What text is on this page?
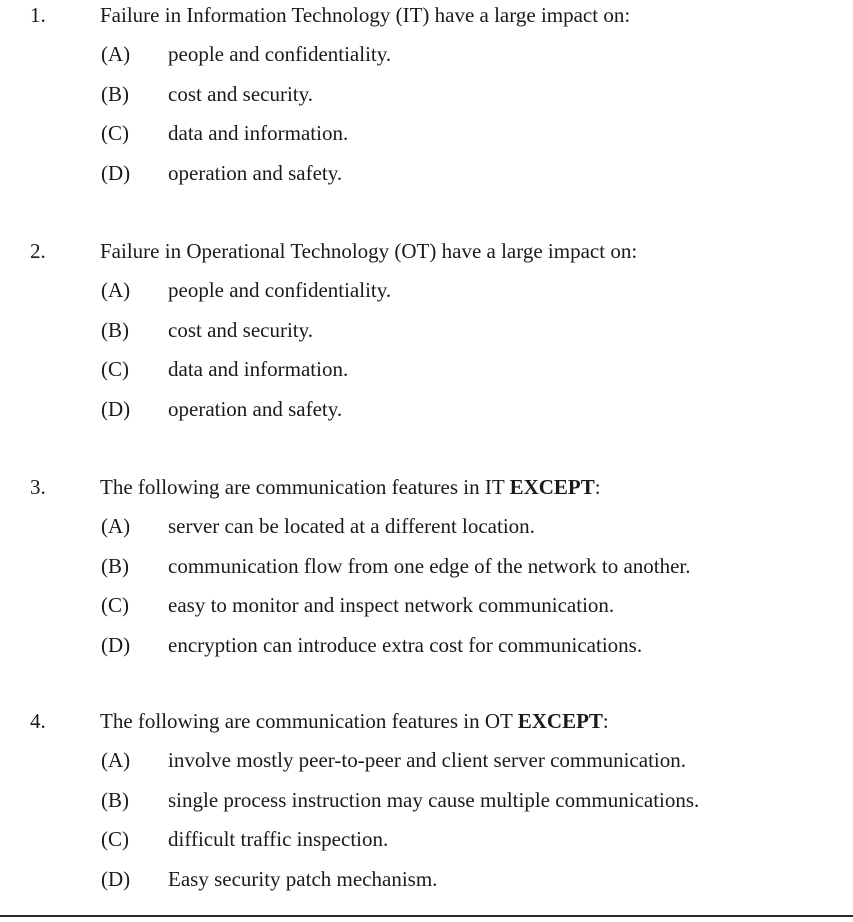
1.	Failure in Information Technology (IT) have a large impact on:
(A) people and confidentiality.
(B) cost and security.
(C) data and information.
(D) operation and safety.
2.	Failure in Operational Technology (OT) have a large impact on:
(A) people and confidentiality.
(B) cost and security.
(C) data and information.
(D) operation and safety.
3.	The following are communication features in IT EXCEPT:
(A) server can be located at a different location.
(B) communication flow from one edge of the network to another.
(C) easy to monitor and inspect network communication.
(D) encryption can introduce extra cost for communications.
4.	The following are communication features in OT EXCEPT:
(A) involve mostly peer-to-peer and client server communication.
(B) single process instruction may cause multiple communications.
(C) difficult traffic inspection.
(D) Easy security patch mechanism.
